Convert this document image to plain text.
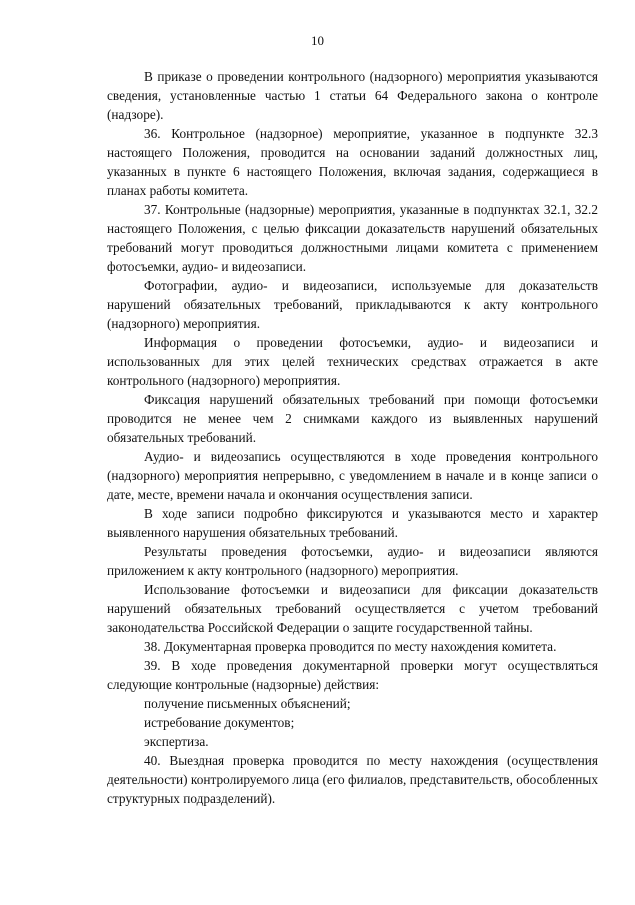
10

В приказе о проведении контрольного (надзорного) мероприятия указываются сведения, установленные частью 1 статьи 64 Федерального закона о контроле (надзоре).

36. Контрольное (надзорное) мероприятие, указанное в подпункте 32.3 настоящего Положения, проводится на основании заданий должностных лиц, указанных в пункте 6 настоящего Положения, включая задания, содержащиеся в планах работы комитета.

37. Контрольные (надзорные) мероприятия, указанные в подпунктах 32.1, 32.2 настоящего Положения, с целью фиксации доказательств нарушений обязательных требований могут проводиться должностными лицами комитета с применением фотосъемки, аудио- и видеозаписи.

Фотографии, аудио- и видеозаписи, используемые для доказательств нарушений обязательных требований, прикладываются к акту контрольного (надзорного) мероприятия.

Информация о проведении фотосъемки, аудио- и видеозаписи и использованных для этих целей технических средствах отражается в акте контрольного (надзорного) мероприятия.

Фиксация нарушений обязательных требований при помощи фотосъемки проводится не менее чем 2 снимками каждого из выявленных нарушений обязательных требований.

Аудио- и видеозапись осуществляются в ходе проведения контрольного (надзорного) мероприятия непрерывно, с уведомлением в начале и в конце записи о дате, месте, времени начала и окончания осуществления записи.

В ходе записи подробно фиксируются и указываются место и характер выявленного нарушения обязательных требований.

Результаты проведения фотосъемки, аудио- и видеозаписи являются приложением к акту контрольного (надзорного) мероприятия.

Использование фотосъемки и видеозаписи для фиксации доказательств нарушений обязательных требований осуществляется с учетом требований законодательства Российской Федерации о защите государственной тайны.

38. Документарная проверка проводится по месту нахождения комитета.

39. В ходе проведения документарной проверки могут осуществляться следующие контрольные (надзорные) действия:

получение письменных объяснений;

истребование документов;

экспертиза.

40. Выездная проверка проводится по месту нахождения (осуществления деятельности) контролируемого лица (его филиалов, представительств, обособленных структурных подразделений).
